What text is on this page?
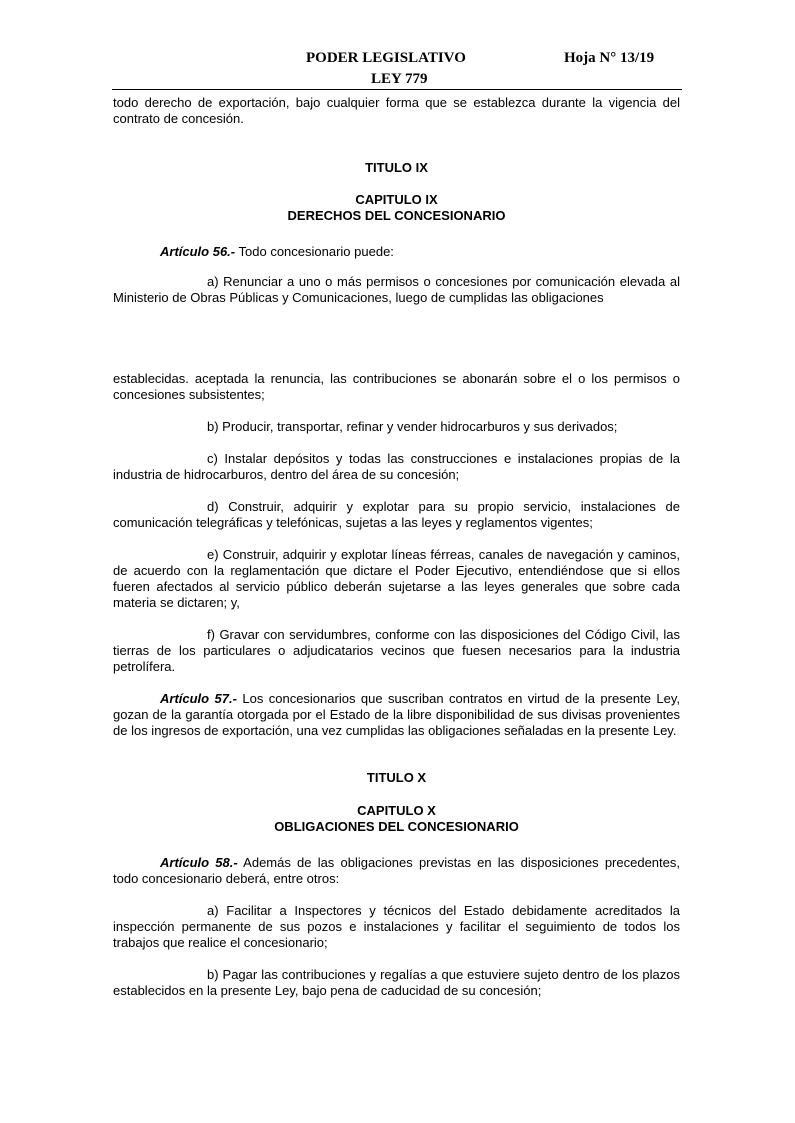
PODER LEGISLATIVO
LEY 779
Hoja N° 13/19

todo derecho de exportación, bajo cualquier forma que se establezca durante la vigencia del contrato de concesión.

TITULO IX
CAPITULO IX
DERECHOS DEL CONCESIONARIO

Artículo 56.- Todo concesionario puede:

a) Renunciar a uno o más permisos o concesiones por comunicación elevada al Ministerio de Obras Públicas y Comunicaciones, luego de cumplidas las obligaciones

establecidas. aceptada la renuncia, las contribuciones se abonarán sobre el o los permisos o concesiones subsistentes;

b) Producir, transportar, refinar y vender hidrocarburos y sus derivados;

c) Instalar depósitos y todas las construcciones e instalaciones propias de la industria de hidrocarburos, dentro del área de su concesión;

d) Construir, adquirir y explotar para su propio servicio, instalaciones de comunicación telegráficas y telefónicas, sujetas a las leyes y reglamentos vigentes;

e) Construir, adquirir y explotar líneas férreas, canales de navegación y caminos, de acuerdo con la reglamentación que dictare el Poder Ejecutivo, entendiéndose que si ellos fueren afectados al servicio público deberán sujetarse a las leyes generales que sobre cada materia se dictaren; y,

f) Gravar con servidumbres, conforme con las disposiciones del Código Civil, las tierras de los particulares o adjudicatarios vecinos que fuesen necesarios para la industria petrolífera.

Artículo 57.- Los concesionarios que suscriban contratos en virtud de la presente Ley, gozan de la garantía otorgada por el Estado de la libre disponibilidad de sus divisas provenientes de los ingresos de exportación, una vez cumplidas las obligaciones señaladas en la presente Ley.

TITULO X
CAPITULO X
OBLIGACIONES DEL CONCESIONARIO

Artículo 58.- Además de las obligaciones previstas en las disposiciones precedentes, todo concesionario deberá, entre otros:

a) Facilitar a Inspectores y técnicos del Estado debidamente acreditados la inspección permanente de sus pozos e instalaciones y facilitar el seguimiento de todos los trabajos que realice el concesionario;

b) Pagar las contribuciones y regalías a que estuviere sujeto dentro de los plazos establecidos en la presente Ley, bajo pena de caducidad de su concesión;
